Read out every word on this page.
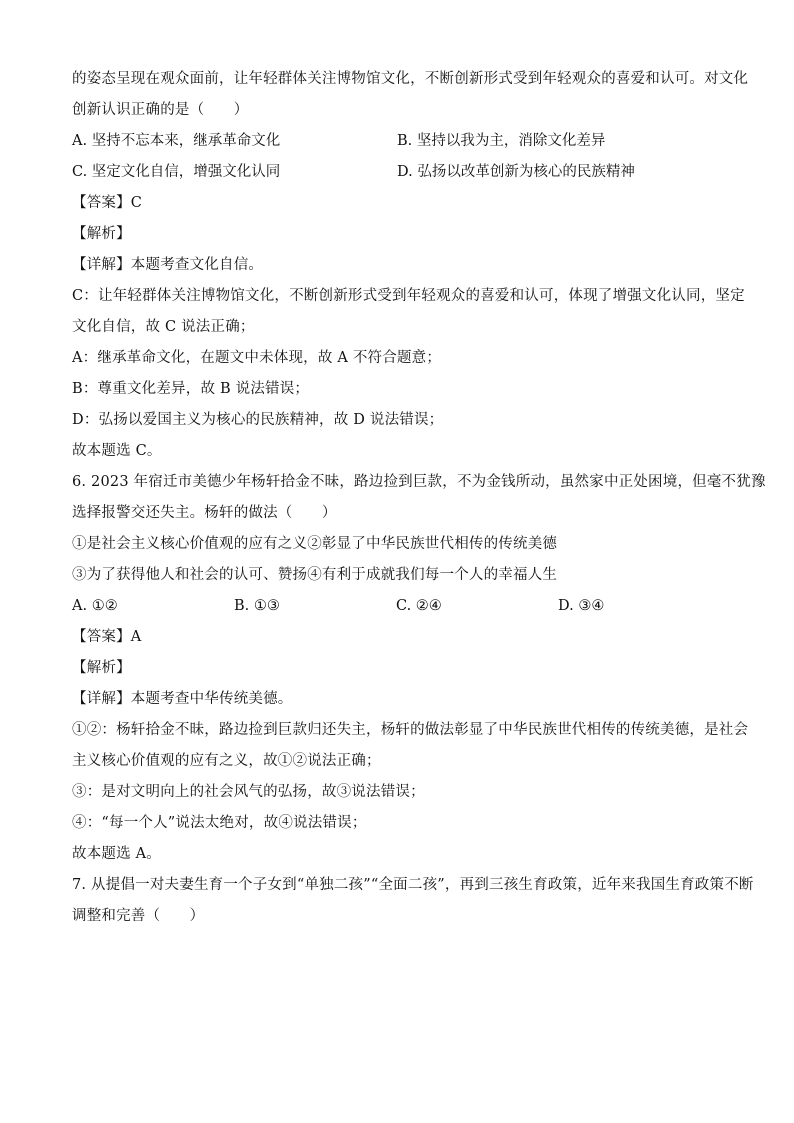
的姿态呈现在观众面前，让年轻群体关注博物馆文化，不断创新形式受到年轻观众的喜爱和认可。对文化
创新认识正确的是（　　）
A. 坚持不忘本来，继承革命文化	B. 坚持以我为主，消除文化差异
C. 坚定文化自信，增强文化认同	D. 弘扬以改革创新为核心的民族精神
【答案】C
【解析】
【详解】本题考查文化自信。
C：让年轻群体关注博物馆文化，不断创新形式受到年轻观众的喜爱和认可，体现了增强文化认同，坚定
文化自信，故 C 说法正确；
A：继承革命文化，在题文中未体现，故 A 不符合题意；
B：尊重文化差异，故 B 说法错误；
D：弘扬以爱国主义为核心的民族精神，故 D 说法错误；
故本题选 C。
6. 2023 年宿迁市美德少年杨轩拾金不昧，路边捡到巨款，不为金钱所动，虽然家中正处困境，但毫不犹豫
选择报警交还失主。杨轩的做法（　　）
①是社会主义核心价值观的应有之义②彰显了中华民族世代相传的传统美德
③为了获得他人和社会的认可、赞扬④有利于成就我们每一个人的幸福人生
A. ①②	B. ①③	C. ②④	D. ③④
【答案】A
【解析】
【详解】本题考查中华传统美德。
①②：杨轩拾金不昧，路边捡到巨款归还失主，杨轩的做法彰显了中华民族世代相传的传统美德，是社会
主义核心价值观的应有之义，故①②说法正确；
③：是对文明向上的社会风气的弘扬，故③说法错误；
④：“每一个人”说法太绝对，故④说法错误；
故本题选 A。
7. 从提倡一对夫妻生育一个子女到“单独二孩”“全面二孩”，再到三孩生育政策，近年来我国生育政策不断
调整和完善（　　）
